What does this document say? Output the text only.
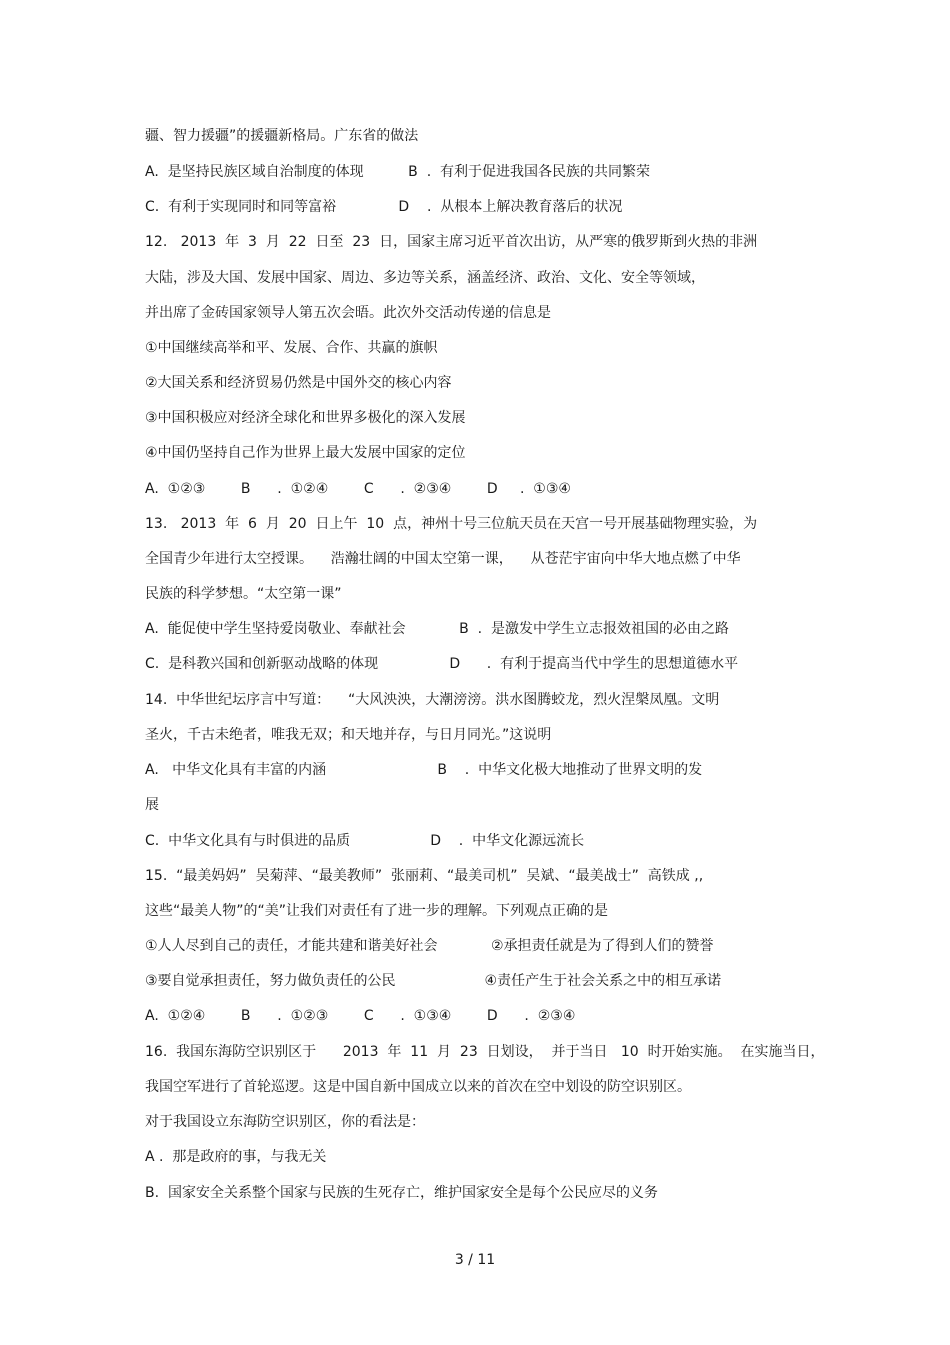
疆、智力援疆”的援疆新格局。广东省的做法
A.  是坚持民族区域自治制度的体现          B  .  有利于促进我国各民族的共同繁荣
C.  有利于实现同时和同等富裕              D    .  从根本上解决教育落后的状况
12.   2013  年  3  月  22  日至  23  日，国家主席习近平首次出访，从严寒的俄罗斯到火热的非洲
大陆，涉及大国、发展中国家、周边、多边等关系，涵盖经济、政治、文化、安全等领域，
并出席了金砖国家领导人第五次会晤。此次外交活动传递的信息是
①中国继续高举和平、发展、合作、共赢的旗帜
②大国关系和经济贸易仍然是中国外交的核心内容
③中国积极应对经济全球化和世界多极化的深入发展
④中国仍坚持自己作为世界上最大发展中国家的定位
A.  ①②③        B      .  ①②④        C      .  ②③④        D     .  ①③④
13.   2013  年  6  月  20  日上午  10  点，神州十号三位航天员在天宫一号开展基础物理实验，为
全国青少年进行太空授课。    浩瀚壮阔的中国太空第一课，    从苍茫宇宙向中华大地点燃了中华
民族的科学梦想。“太空第一课”
A.  能促使中学生坚持爱岗敬业、奉献社会            B  .  是激发中学生立志报效祖国的必由之路
C.  是科教兴国和创新驱动战略的体现                D      .  有利于提高当代中学生的思想道德水平
14.  中华世纪坛序言中写道：    “大风泱泱，大潮滂滂。洪水图腾蛟龙，烈火涅槃凤凰。文明
圣火，千古未绝者，唯我无双；和天地并存，与日月同光。”这说明
A.   中华文化具有丰富的内涵                         B    .  中华文化极大地推动了世界文明的发
展
C.  中华文化具有与时俱进的品质                  D    .  中华文化源远流长
15.  “最美妈妈”  吴菊萍、“最美教师”  张丽莉、“最美司机”  吴斌、“最美战士”  高铁成 ,,
这些“最美人物”的“美”让我们对责任有了进一步的理解。下列观点正确的是
①人人尽到自己的责任，才能共建和谐美好社会            ②承担责任就是为了得到人们的赞誉
③要自觉承担责任，努力做负责任的公民                    ④责任产生于社会关系之中的相互承诺
A.  ①②④        B      .  ①②③        C      .  ①③④        D      .  ②③④
16.  我国东海防空识别区于      2013  年  11  月  23  日划设，  并于当日   10  时开始实施。  在实施当日，
我国空军进行了首轮巡逻。这是中国自新中国成立以来的首次在空中划设的防空识别区。
对于我国设立东海防空识别区，你的看法是：
A .  那是政府的事，与我无关
B.  国家安全关系整个国家与民族的生死存亡，维护国家安全是每个公民应尽的义务
3 / 11
